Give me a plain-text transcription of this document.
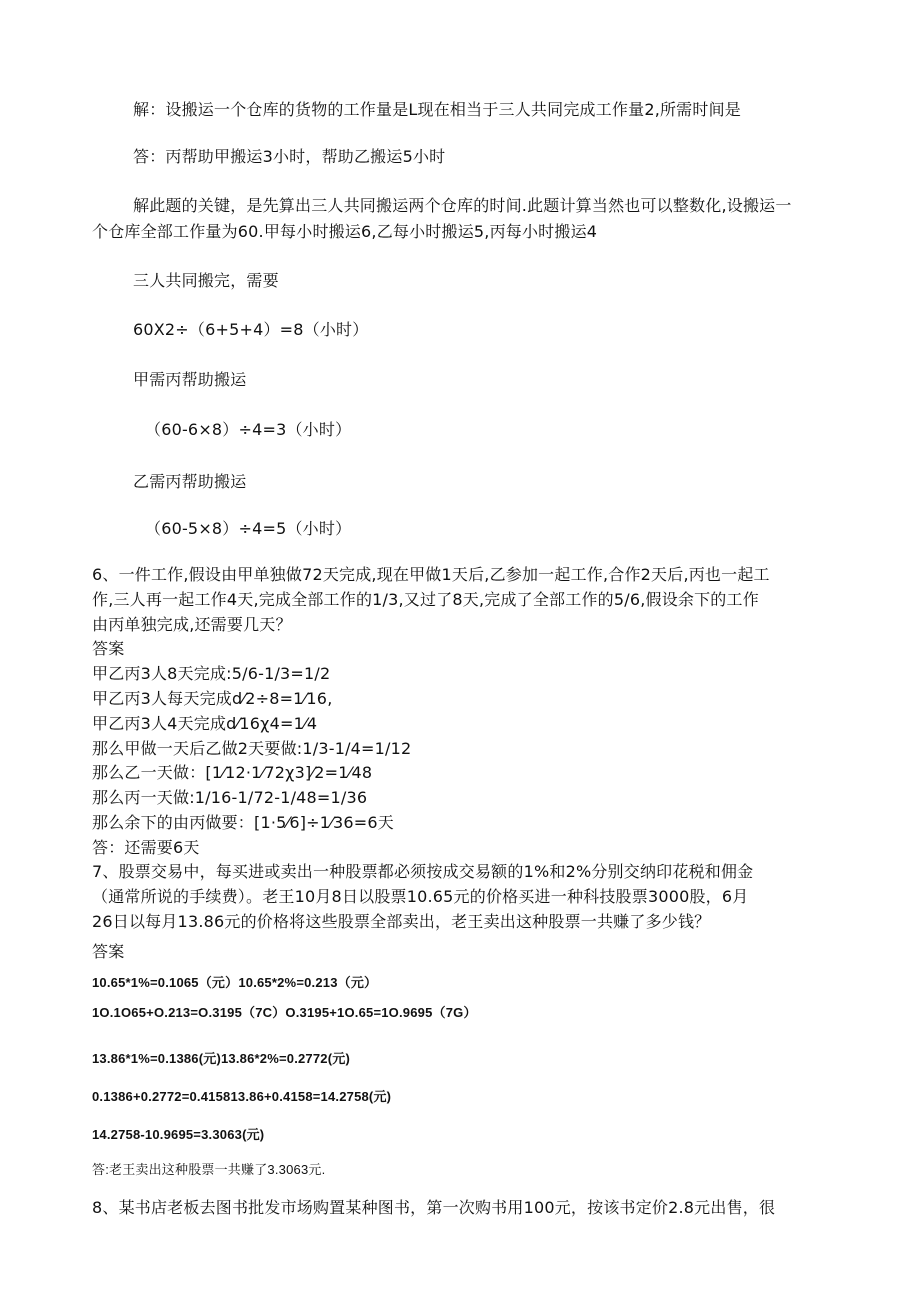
解：设搬运一个仓库的货物的工作量是L现在相当于三人共同完成工作量2,所需时间是
答：丙帮助甲搬运3小时，帮助乙搬运5小时
解此题的关键，是先算出三人共同搬运两个仓库的时间.此题计算当然也可以整数化,设搬运一
个仓库全部工作量为60.甲每小时搬运6,乙每小时搬运5,丙每小时搬运4
三人共同搬完，需要
60X2÷（6+5+4）=8（小时）
甲需丙帮助搬运
（60-6×8）÷4=3（小时）
乙需丙帮助搬运
（60-5×8）÷4=5（小时）
6、一件工作,假设由甲单独做72天完成,现在甲做1天后,乙参加一起工作,合作2天后,丙也一起工
作,三人再一起工作4天,完成全部工作的1/3,又过了8天,完成了全部工作的5/6,假设余下的工作
由丙单独完成,还需要几天？
答案
甲乙丙3人8天完成:5/6-1/3=1/2
甲乙丙3人每天完成d⁄2÷8=1⁄16,
甲乙丙3人4天完成d⁄16χ4=1⁄4
那么甲做一天后乙做2天要做:1/3-1/4=1/12
那么乙一天做：[1⁄12·1⁄72χ3]⁄2=1⁄48
那么丙一天做:1/16-1/72-1/48=1/36
那么余下的由丙做要：[1·5⁄6]÷1⁄36=6天
答：还需要6天
7、股票交易中，每买进或卖出一种股票都必须按成交易额的1%和2%分别交纳印花税和佣金
（通常所说的手续费）。老王10月8日以股票10.65元的价格买进一种科技股票3000股，6月
26日以每月13.86元的价格将这些股票全部卖出，老王卖出这种股票一共赚了多少钱？
答案
10.65*1%=0.1065（元）10.65*2%=0.213（元）
1O.1O65+O.213=O.3195（7C）O.3195+1O.65=1O.9695（7G）
13.86*1%=0.1386(元)13.86*2%=0.2772(元)
0.1386+0.2772=0.415813.86+0.4158=14.2758(元)
14.2758-10.9695=3.3063(元)
答:老王卖出这种股票一共赚了3.3063元.
8、某书店老板去图书批发市场购置某种图书，第一次购书用100元，按该书定价2.8元出售，很
